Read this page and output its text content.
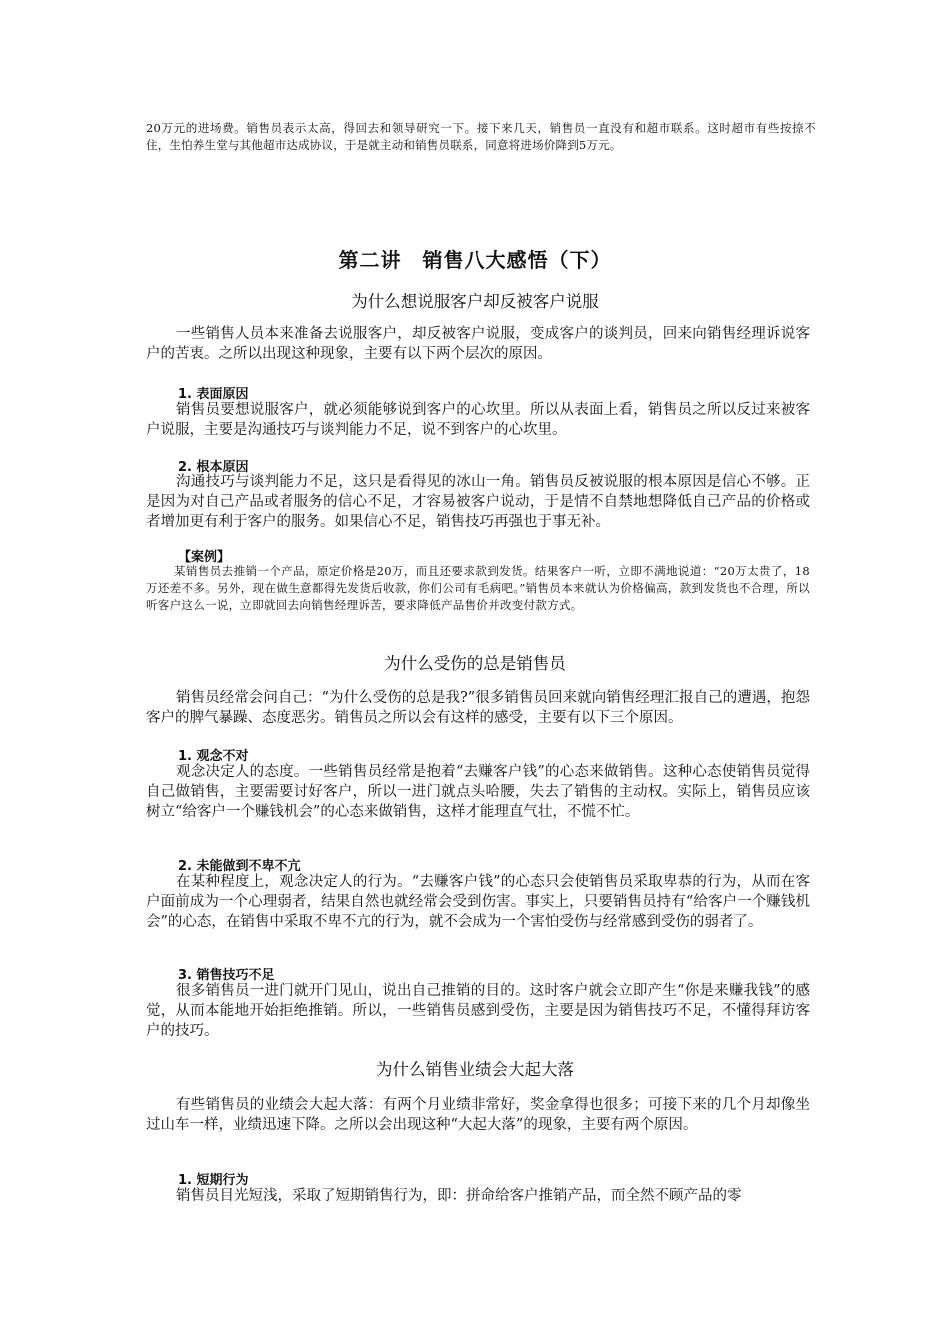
20万元的进场费。销售员表示太高，得回去和领导研究一下。接下来几天，销售员一直没有和超市联系。这时超市有些按捺不住，生怕养生堂与其他超市达成协议，于是就主动和销售员联系，同意将进场价降到5万元。

第二讲　销售八大感悟（下）
为什么想说服客户却反被客户说服

一些销售人员本来准备去说服客户，却反被客户说服，变成客户的谈判员，回来向销售经理诉说客户的苦衷。之所以出现这种现象，主要有以下两个层次的原因。

1. 表面原因

销售员要想说服客户，就必须能够说到客户的心坎里。所以从表面上看，销售员之所以反过来被客户说服，主要是沟通技巧与谈判能力不足，说不到客户的心坎里。

2. 根本原因

沟通技巧与谈判能力不足，这只是看得见的冰山一角。销售员反被说服的根本原因是信心不够。正是因为对自己产品或者服务的信心不足，才容易被客户说动，于是情不自禁地想降低自己产品的价格或者增加更有利于客户的服务。如果信心不足，销售技巧再强也于事无补。

【案例】

某销售员去推销一个产品，原定价格是20万，而且还要求款到发货。结果客户一听，立即不满地说道：“20万太贵了，18万还差不多。另外，现在做生意都得先发货后收款，你们公司有毛病吧。”销售员本来就认为价格偏高，款到发货也不合理，所以听客户这么一说，立即就回去向销售经理诉苦，要求降低产品售价并改变付款方式。

为什么受伤的总是销售员

销售员经常会问自己：“为什么受伤的总是我?”很多销售员回来就向销售经理汇报自己的遭遇，抱怨客户的脾气暴躁、态度恶劣。销售员之所以会有这样的感受，主要有以下三个原因。

1. 观念不对

观念决定人的态度。一些销售员经常是抱着“去赚客户钱”的心态来做销售。这种心态使销售员觉得自己做销售，主要需要讨好客户，所以一进门就点头哈腰，失去了销售的主动权。实际上，销售员应该树立“给客户一个赚钱机会”的心态来做销售，这样才能理直气壮，不慌不忙。

2. 未能做到不卑不亢

在某种程度上，观念决定人的行为。“去赚客户钱”的心态只会使销售员采取卑恭的行为，从而在客户面前成为一个心理弱者，结果自然也就经常会受到伤害。事实上，只要销售员持有“给客户一个赚钱机会”的心态，在销售中采取不卑不亢的行为，就不会成为一个害怕受伤与经常感到受伤的弱者了。

3. 销售技巧不足

很多销售员一进门就开门见山，说出自己推销的目的。这时客户就会立即产生“你是来赚我钱”的感觉，从而本能地开始拒绝推销。所以，一些销售员感到受伤，主要是因为销售技巧不足，不懂得拜访客户的技巧。

为什么销售业绩会大起大落

有些销售员的业绩会大起大落：有两个月业绩非常好，奖金拿得也很多；可接下来的几个月却像坐过山车一样，业绩迅速下降。之所以会出现这种“大起大落”的现象，主要有两个原因。

1. 短期行为

销售员目光短浅，采取了短期销售行为，即：拼命给客户推销产品，而全然不顾产品的零
